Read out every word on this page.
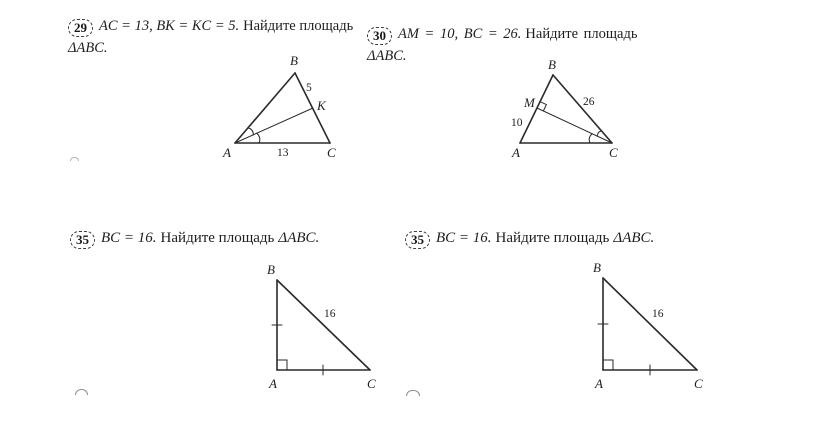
29 AC = 13, BK = KC = 5. Найдите площадь
ΔABC.
30 AM = 10, BC = 26. Найдите площадь
ΔABC.
35 BC = 16. Найдите площадь ΔABC.	35 BC = 16. Найдите площадь ΔABC.
B
5
K
A	13	C
B
M	26
10
A	C
B
16
A	C
B
16
A	C
